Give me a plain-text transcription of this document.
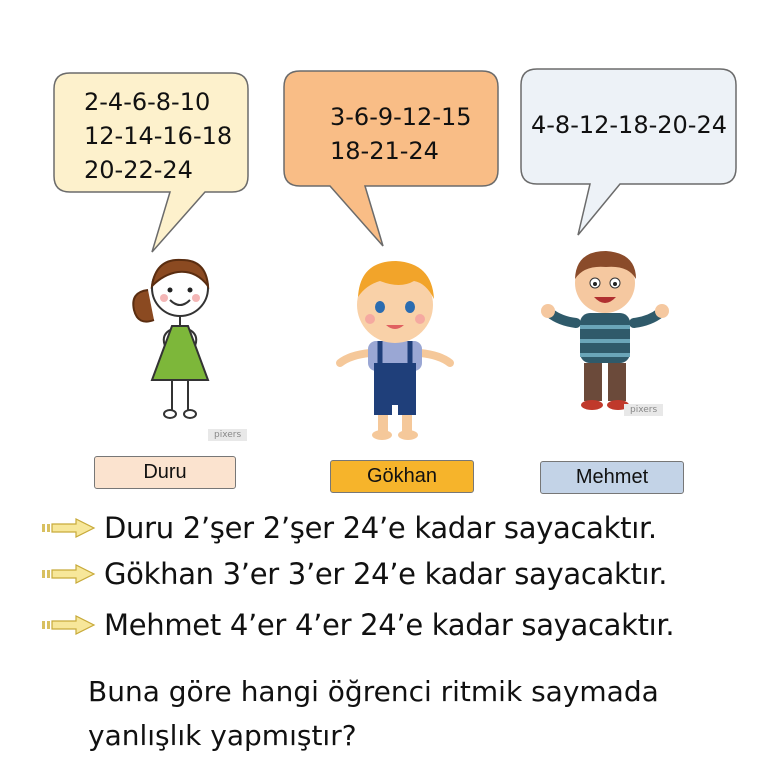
2-4-6-8-10
12-14-16-18
20-22-24
3-6-9-12-15
18-21-24
4-8-12-18-20-24
pixers
pixers
Duru	Gökhan	Mehmet
Duru 2’şer 2’şer 24’e kadar sayacaktır.
Gökhan 3’er 3’er 24’e kadar sayacaktır.
Mehmet 4’er 4’er 24’e kadar sayacaktır.
Buna göre hangi öğrenci ritmik saymada
yanlışlık yapmıştır?
